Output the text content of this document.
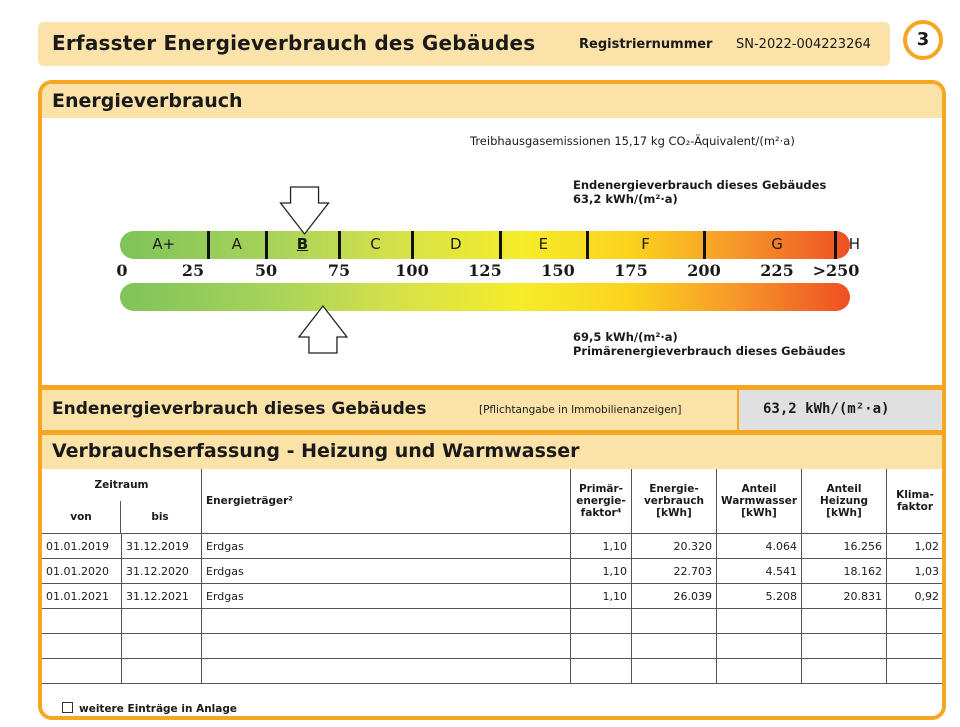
Erfasster Energieverbrauch des Gebäudes	Registriernummer SN-2022-004223264	3
Energieverbrauch
Treibhausgasemissionen 15,17 kg CO₂-Äquivalent/(m²·a)
Endenergieverbrauch dieses Gebäudes
63,2 kWh/(m²·a)
A+	A	B	C	D	E	F	G	H
0	25	50	75	100	125	150	175	200	225	>250
69,5 kWh/(m²·a)
Primärenergieverbrauch dieses Gebäudes
Endenergieverbrauch dieses Gebäudes	[Pflichtangabe in Immobilienanzeigen]	63,2 kWh/(m²·a)
Verbrauchserfassung - Heizung und Warmwasser
Zeitraum
von bis		Energieträger²	Primär- energie- faktor⁴	Energie- verbrauch [kWh]	Anteil Warmwasser [kWh]	Anteil Heizung [kWh]	Klima- faktor
01.01.2019	31.12.2019	Erdgas	1,10	20.320	4.064	16.256	1,02
01.01.2020	31.12.2020	Erdgas	1,10	22.703	4.541	18.162	1,03
01.01.2021	31.12.2021	Erdgas	1,10	26.039	5.208	20.831	0,92

weitere Einträge in Anlage
